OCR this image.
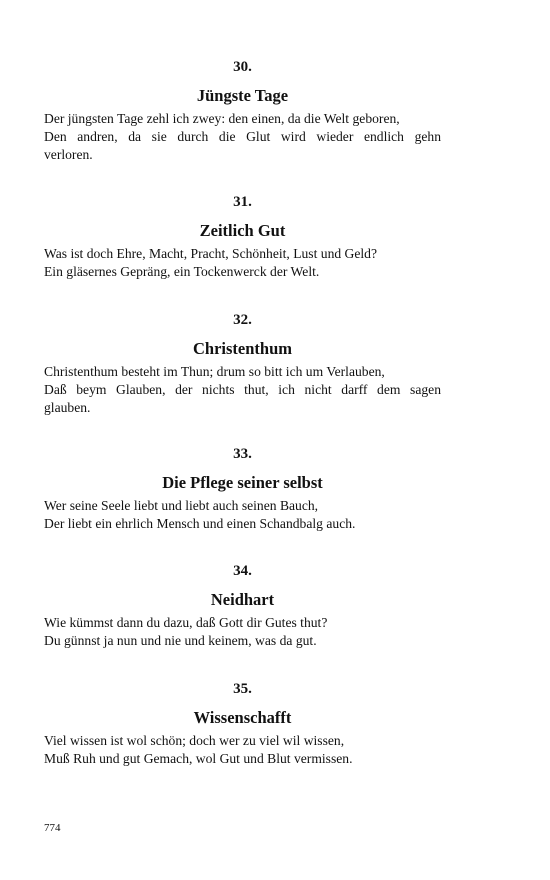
30.
Jüngste Tage
Der jüngsten Tage zehl ich zwey: den einen, da die Welt geboren,
Den andren, da sie durch die Glut wird wieder endlich gehn
verloren.
31.
Zeitlich Gut
Was ist doch Ehre, Macht, Pracht, Schönheit, Lust und Geld?
Ein gläsernes Gepräng, ein Tockenwerck der Welt.
32.
Christenthum
Christenthum besteht im Thun; drum so bitt ich um Verlauben,
Daß beym Glauben, der nichts thut, ich nicht darff dem sagen
glauben.
33.
Die Pflege seiner selbst
Wer seine Seele liebt und liebt auch seinen Bauch,
Der liebt ein ehrlich Mensch und einen Schandbalg auch.
34.
Neidhart
Wie kümmst dann du dazu, daß Gott dir Gutes thut?
Du günnst ja nun und nie und keinem, was da gut.
35.
Wissenschafft
Viel wissen ist wol schön; doch wer zu viel wil wissen,
Muß Ruh und gut Gemach, wol Gut und Blut vermissen.
774
